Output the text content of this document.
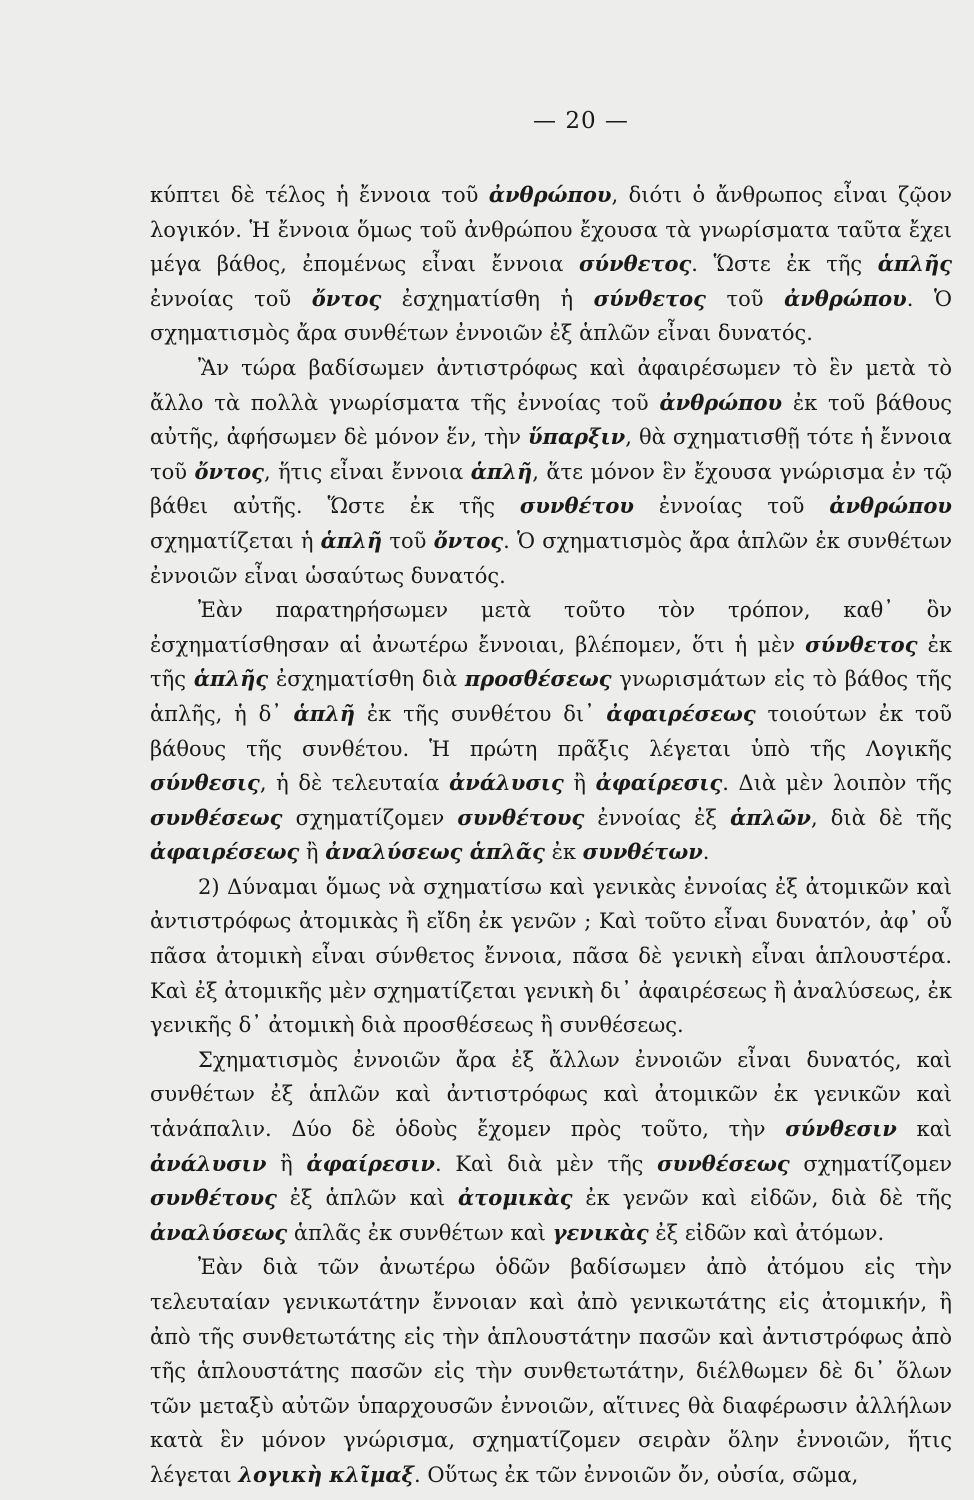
— 20 —

κύπτει δὲ τέλος ἡ ἔννοια τοῦ ἀνθρώπου, διότι ὁ ἄνθρωπος εἶναι ζῷον λογικόν. Ἡ ἔννοια ὅμως τοῦ ἀνθρώπου ἔχουσα τὰ γνωρίσματα ταῦτα ἔχει μέγα βάθος, ἐπομένως εἶναι ἔννοια σύνθετος. Ὥστε ἐκ τῆς ἁπλῆς ἐννοίας τοῦ ὄντος ἐσχηματίσθη ἡ σύνθετος τοῦ ἀνθρώπου. Ὁ σχηματισμὸς ἄρα συνθέτων ἐννοιῶν ἐξ ἁπλῶν εἶναι δυνατός.

Ἂν τώρα βαδίσωμεν ἀντιστρόφως καὶ ἀφαιρέσωμεν τὸ ἓν μετὰ τὸ ἄλλο τὰ πολλὰ γνωρίσματα τῆς ἐννοίας τοῦ ἀνθρώπου ἐκ τοῦ βάθους αὐτῆς, ἀφήσωμεν δὲ μόνον ἕν, τὴν ὕπαρξιν, θὰ σχηματισθῇ τότε ἡ ἔννοια τοῦ ὄντος, ἥτις εἶναι ἔννοια ἁπλῆ, ἅτε μόνον ἓν ἔχουσα γνώρισμα ἐν τῷ βάθει αὐτῆς. Ὥστε ἐκ τῆς συνθέτου ἐννοίας τοῦ ἀνθρώπου σχηματίζεται ἡ ἁπλῆ τοῦ ὄντος. Ὁ σχηματισμὸς ἄρα ἁπλῶν ἐκ συνθέτων ἐννοιῶν εἶναι ὡσαύτως δυνατός.

Ἐὰν παρατηρήσωμεν μετὰ τοῦτο τὸν τρόπον, καθ᾽ ὃν ἐσχηματίσθησαν αἱ ἀνωτέρω ἔννοιαι, βλέπομεν, ὅτι ἡ μὲν σύνθετος ἐκ τῆς ἁπλῆς ἐσχηματίσθη διὰ προσθέσεως γνωρισμάτων εἰς τὸ βάθος τῆς ἁπλῆς, ἡ δ᾽ ἁπλῆ ἐκ τῆς συνθέτου δι᾽ ἀφαιρέσεως τοιούτων ἐκ τοῦ βάθους τῆς συνθέτου. Ἡ πρώτη πρᾶξις λέγεται ὑπὸ τῆς Λογικῆς σύνθεσις, ἡ δὲ τελευταία ἀνάλυσις ἢ ἀφαίρεσις. Διὰ μὲν λοιπὸν τῆς συνθέσεως σχηματίζομεν συνθέτους ἐννοίας ἐξ ἁπλῶν, διὰ δὲ τῆς ἀφαιρέσεως ἢ ἀναλύσεως ἁπλᾶς ἐκ συνθέτων.

2) Δύναμαι ὅμως νὰ σχηματίσω καὶ γενικὰς ἐννοίας ἐξ ἀτομικῶν καὶ ἀντιστρόφως ἀτομικὰς ἢ εἴδη ἐκ γενῶν ; Καὶ τοῦτο εἶναι δυνατόν, ἀφ᾽ οὗ πᾶσα ἀτομικὴ εἶναι σύνθετος ἔννοια, πᾶσα δὲ γενικὴ εἶναι ἁπλουστέρα. Καὶ ἐξ ἀτομικῆς μὲν σχηματίζεται γενικὴ δι᾽ ἀφαιρέσεως ἢ ἀναλύσεως, ἐκ γενικῆς δ᾽ ἀτομικὴ διὰ προσθέσεως ἢ συνθέσεως.

Σχηματισμὸς ἐννοιῶν ἄρα ἐξ ἄλλων ἐννοιῶν εἶναι δυνατός, καὶ συνθέτων ἐξ ἁπλῶν καὶ ἀντιστρόφως καὶ ἀτομικῶν ἐκ γενικῶν καὶ τἀνάπαλιν. Δύο δὲ ὁδοὺς ἔχομεν πρὸς τοῦτο, τὴν σύνθεσιν καὶ ἀνάλυσιν ἢ ἀφαίρεσιν. Καὶ διὰ μὲν τῆς συνθέσεως σχηματίζομεν συνθέτους ἐξ ἁπλῶν καὶ ἀτομικὰς ἐκ γενῶν καὶ εἰδῶν, διὰ δὲ τῆς ἀναλύσεως ἁπλᾶς ἐκ συνθέτων καὶ γενικὰς ἐξ εἰδῶν καὶ ἀτόμων.

Ἐὰν διὰ τῶν ἀνωτέρω ὁδῶν βαδίσωμεν ἀπὸ ἀτόμου εἰς τὴν τελευταίαν γενικωτάτην ἔννοιαν καὶ ἀπὸ γενικωτάτης εἰς ἀτομικήν, ἢ ἀπὸ τῆς συνθετωτάτης εἰς τὴν ἁπλουστάτην πασῶν καὶ ἀντιστρόφως ἀπὸ τῆς ἁπλουστάτης πασῶν εἰς τὴν συνθετωτάτην, διέλθωμεν δὲ δι᾽ ὅλων τῶν μεταξὺ αὐτῶν ὑπαρχουσῶν ἐννοιῶν, αἵτινες θὰ διαφέρωσιν ἀλλήλων κατὰ ἓν μόνον γνώρισμα, σχηματίζομεν σειρὰν ὅλην ἐννοιῶν, ἥτις λέγεται λογικὴ κλῖμαξ. Οὕτως ἐκ τῶν ἐννοιῶν ὄν, οὐσία, σῶμα,
